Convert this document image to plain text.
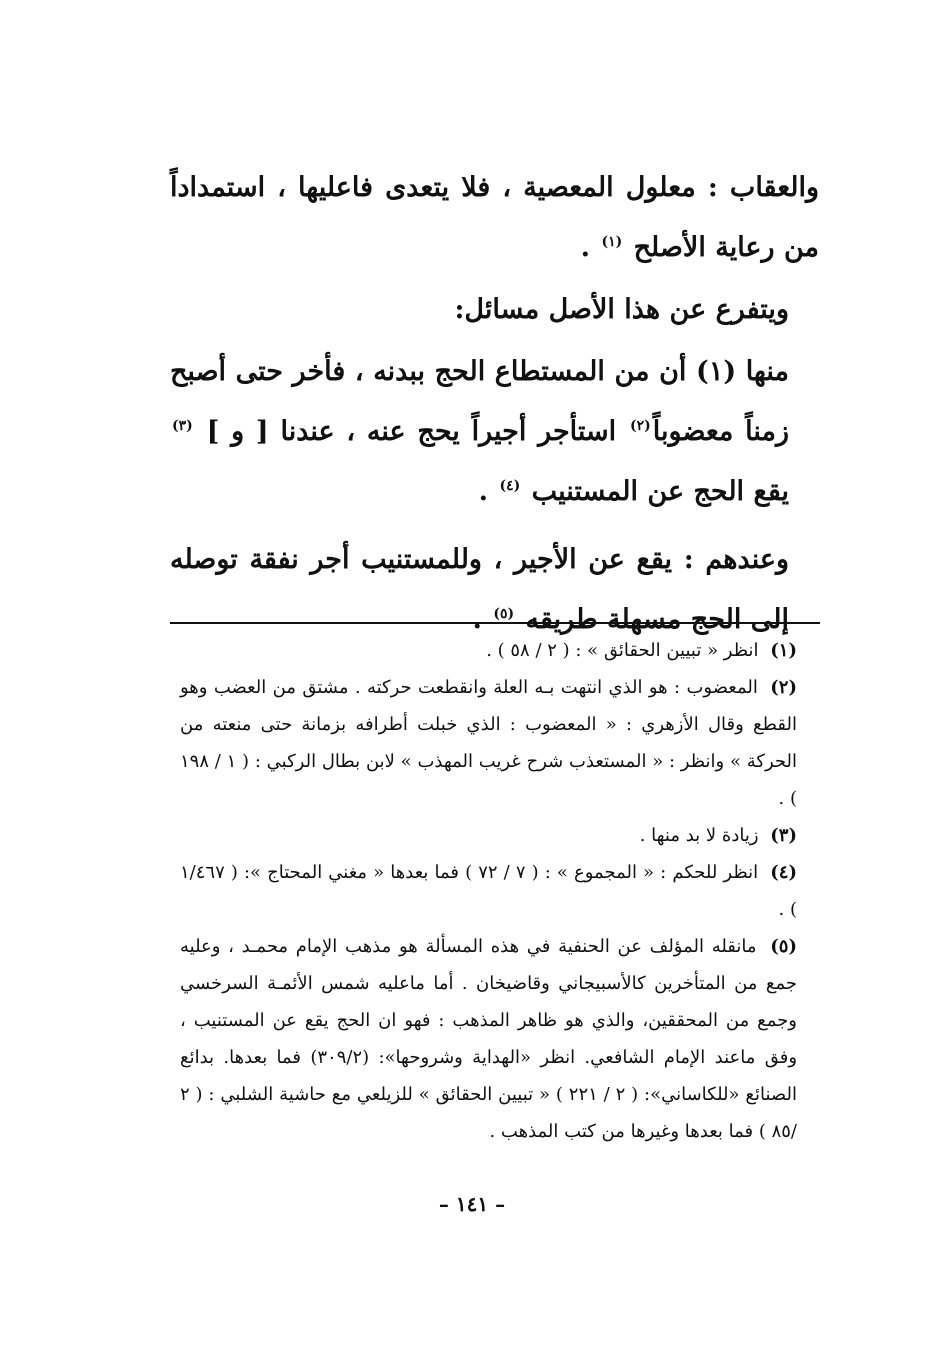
والعقاب : معلول المعصية ، فلا يتعدى فاعليها ، استمداداً من رعاية الأصلح $^{(١)}$ .

ويتفرع عن هذا الأصل مسائل:

منها (١) أن من المستطاع الحج ببدنه ، فأخر حتى أصبح زمناً معضوباً$^{(٢)}$ استأجر أجيراً يحج عنه ، عندنا [ و ] $^{(٣)}$ يقع الحج عن المستنيب $^{(٤)}$ .

وعندهم : يقع عن الأجير ، وللمستنيب أجر نفقة توصله إلى الحج مسهلة طريقه $^{(٥)}$ .

(١) انظر « تبيين الحقائق » : ( ٢ / ٥٨ ) .

(٢) المعضوب : هو الذي انتهت بـه العلة وانقطعت حركته . مشتق من العضب وهو القطع وقال الأزهري : « المعضوب : الذي خبلت أطرافه بزمانة حتى منعته من الحركة » وانظر : « المستعذب شرح غريب المهذب » لابن بطال الركبي : ( ١ / ١٩٨ ) .

(٣) زيادة لا بد منها .

(٤) انظر للحكم : « المجموع » : ( ٧ / ٧٢ ) فما بعدها « مغني المحتاج »: ( ١/٤٦٧ ) .

(٥) مانقله المؤلف عن الحنفية في هذه المسألة هو مذهب الإمام محمـد ، وعليه جمع من المتأخرين كالأسبيجاني وقاضيخان . أما ماعليه شمس الأئمـة السرخسي وجمع من المحققين، والذي هو ظاهر المذهب : فهو ان الحج يقع عن المستنيب ، وفق ماعند الإمام الشافعي. انظر «الهداية وشروحها»: (٣٠٩/٢) فما بعدها. بدائع الصنائع «للكاساني»: ( ٢ / ٢٢١ ) « تبيين الحقائق » للزيلعي مع حاشية الشلبي : ( ٢ /٨٥ ) فما بعدها وغيرها من كتب المذهب .

– ١٤١ –
